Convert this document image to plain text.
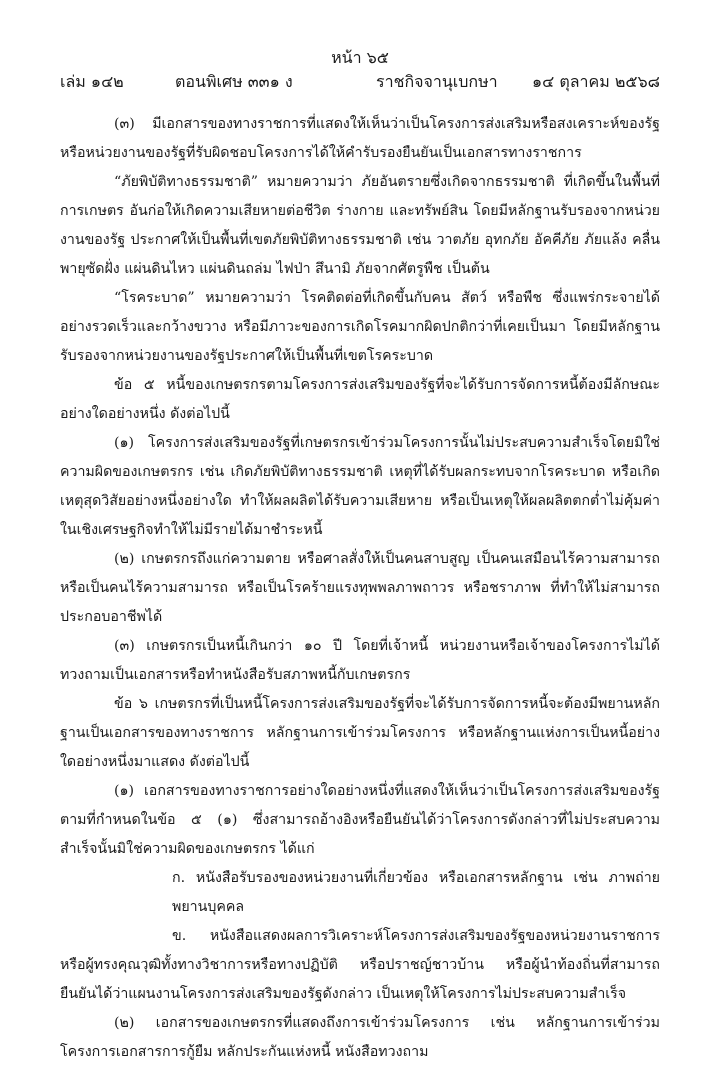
หน้า ๖๕
เล่ม ๑๔๒	ตอนพิเศษ ๓๓๑ ง	ราชกิจจานุเบกษา ๑๔ ตุลาคม ๒๕๖๘

(๓) มีเอกสารของทางราชการที่แสดงให้เห็นว่าเป็นโครงการส่งเสริมหรือสงเคราะห์ของรัฐหรือหน่วยงานของรัฐที่รับผิดชอบโครงการได้ให้คำรับรองยืนยันเป็นเอกสารทางราชการ

“ภัยพิบัติทางธรรมชาติ” หมายความว่า ภัยอันตรายซึ่งเกิดจากธรรมชาติ ที่เกิดขึ้นในพื้นที่การเกษตร อันก่อให้เกิดความเสียหายต่อชีวิต ร่างกาย และทรัพย์สิน โดยมีหลักฐานรับรองจากหน่วยงานของรัฐ ประกาศให้เป็นพื้นที่เขตภัยพิบัติทางธรรมชาติ เช่น วาตภัย อุทกภัย อัคคีภัย ภัยแล้ง คลื่นพายุซัดฝั่ง แผ่นดินไหว แผ่นดินถล่ม ไฟป่า สึนามิ ภัยจากศัตรูพืช เป็นต้น

“โรคระบาด” หมายความว่า โรคติดต่อที่เกิดขึ้นกับคน สัตว์ หรือพืช ซึ่งแพร่กระจายได้อย่างรวดเร็วและกว้างขวาง หรือมีภาวะของการเกิดโรคมากผิดปกติกว่าที่เคยเป็นมา โดยมีหลักฐานรับรองจากหน่วยงานของรัฐประกาศให้เป็นพื้นที่เขตโรคระบาด

ข้อ ๕ หนี้ของเกษตรกรตามโครงการส่งเสริมของรัฐที่จะได้รับการจัดการหนี้ต้องมีลักษณะอย่างใดอย่างหนึ่ง ดังต่อไปนี้

(๑) โครงการส่งเสริมของรัฐที่เกษตรกรเข้าร่วมโครงการนั้นไม่ประสบความสำเร็จโดยมิใช่ความผิดของเกษตรกร เช่น เกิดภัยพิบัติทางธรรมชาติ เหตุที่ได้รับผลกระทบจากโรคระบาด หรือเกิดเหตุสุดวิสัยอย่างหนึ่งอย่างใด ทำให้ผลผลิตได้รับความเสียหาย หรือเป็นเหตุให้ผลผลิตตกต่ำไม่คุ้มค่าในเชิงเศรษฐกิจทำให้ไม่มีรายได้มาชำระหนี้

(๒) เกษตรกรถึงแก่ความตาย หรือศาลสั่งให้เป็นคนสาบสูญ เป็นคนเสมือนไร้ความสามารถหรือเป็นคนไร้ความสามารถ หรือเป็นโรคร้ายแรงทุพพลภาพถาวร หรือชราภาพ ที่ทำให้ไม่สามารถประกอบอาชีพได้

(๓) เกษตรกรเป็นหนี้เกินกว่า ๑๐ ปี โดยที่เจ้าหนี้ หน่วยงานหรือเจ้าของโครงการไม่ได้ทวงถามเป็นเอกสารหรือทำหนังสือรับสภาพหนี้กับเกษตรกร

ข้อ ๖ เกษตรกรที่เป็นหนี้โครงการส่งเสริมของรัฐที่จะได้รับการจัดการหนี้จะต้องมีพยานหลักฐานเป็นเอกสารของทางราชการ หลักฐานการเข้าร่วมโครงการ หรือหลักฐานแห่งการเป็นหนี้อย่างใดอย่างหนึ่งมาแสดง ดังต่อไปนี้

(๑) เอกสารของทางราชการอย่างใดอย่างหนึ่งที่แสดงให้เห็นว่าเป็นโครงการส่งเสริมของรัฐตามที่กำหนดในข้อ ๕ (๑) ซึ่งสามารถอ้างอิงหรือยืนยันได้ว่าโครงการดังกล่าวที่ไม่ประสบความสำเร็จนั้นมิใช่ความผิดของเกษตรกร ได้แก่

ก. หนังสือรับรองของหน่วยงานที่เกี่ยวข้อง หรือเอกสารหลักฐาน เช่น ภาพถ่าย พยานบุคคล

ข. หนังสือแสดงผลการวิเคราะห์โครงการส่งเสริมของรัฐของหน่วยงานราชการหรือผู้ทรงคุณวุฒิทั้งทางวิชาการหรือทางปฏิบัติ หรือปราชญ์ชาวบ้าน หรือผู้นำท้องถิ่นที่สามารถยืนยันได้ว่าแผนงานโครงการส่งเสริมของรัฐดังกล่าว เป็นเหตุให้โครงการไม่ประสบความสำเร็จ

(๒) เอกสารของเกษตรกรที่แสดงถึงการเข้าร่วมโครงการ เช่น หลักฐานการเข้าร่วมโครงการเอกสารการกู้ยืม หลักประกันแห่งหนี้ หนังสือทวงถาม
